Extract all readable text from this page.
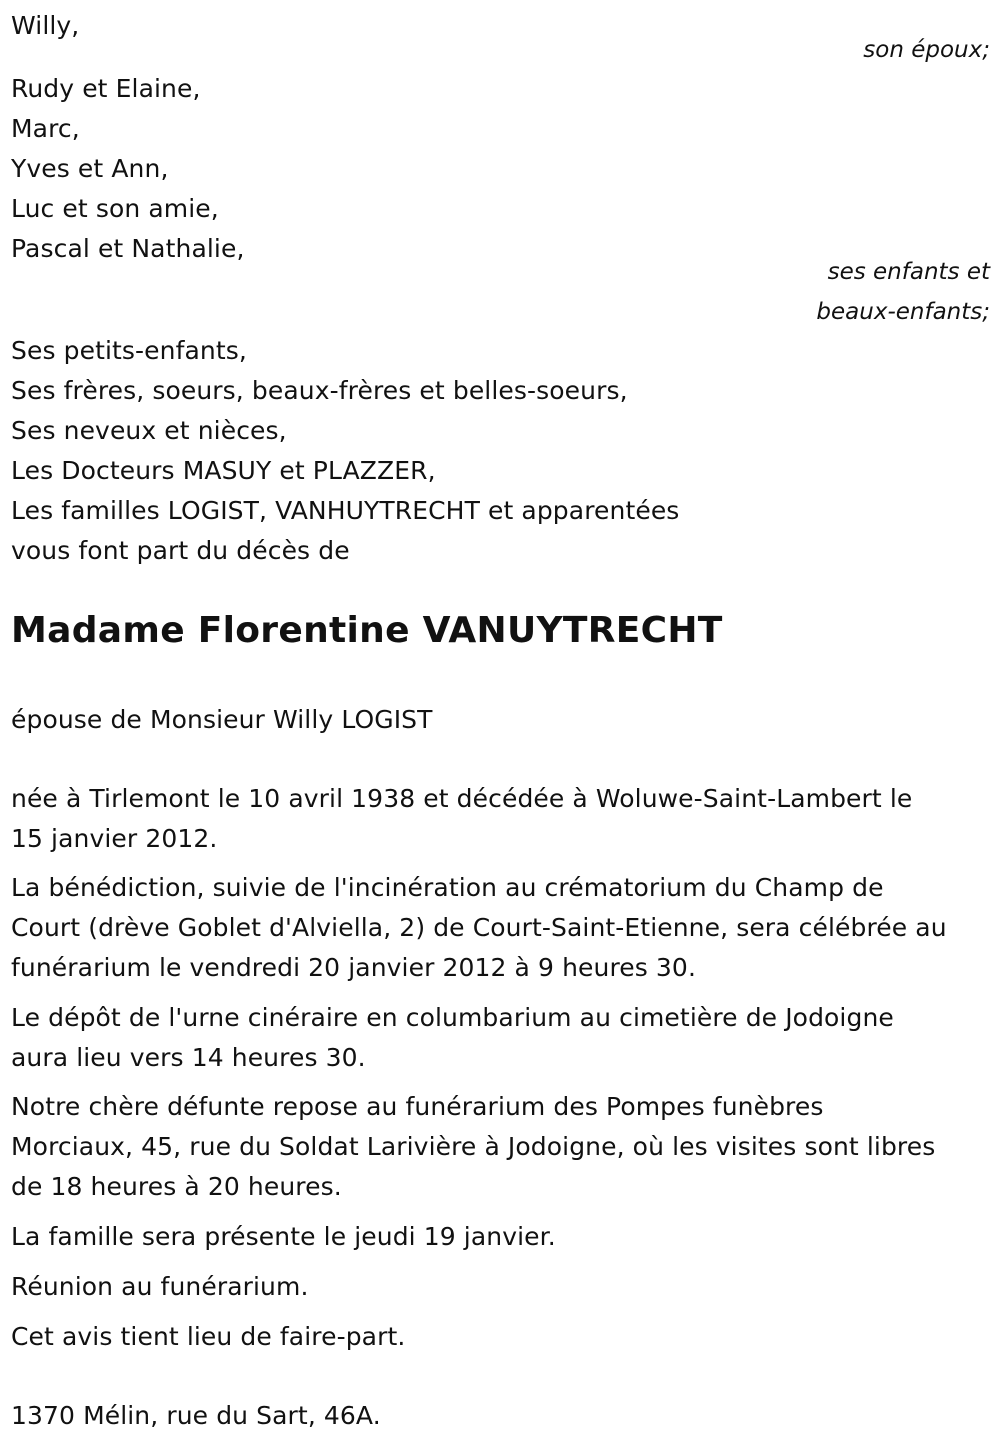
Willy,
son époux;
Rudy et Elaine,
Marc,
Yves et Ann,
Luc et son amie,
Pascal et Nathalie,
ses enfants et
beaux-enfants;
Ses petits-enfants,
Ses frères, soeurs, beaux-frères et belles-soeurs,
Ses neveux et nièces,
Les Docteurs MASUY et PLAZZER,
Les familles LOGIST, VANHUYTRECHT et apparentées
vous font part du décès de
Madame Florentine VANUYTRECHT
épouse de Monsieur Willy LOGIST
née à Tirlemont le 10 avril 1938 et décédée à Woluwe-Saint-Lambert le
15 janvier 2012.
La bénédiction, suivie de l'incinération au crématorium du Champ de
Court (drève Goblet d'Alviella, 2) de Court-Saint-Etienne, sera célébrée au
funérarium le vendredi 20 janvier 2012 à 9 heures 30.
Le dépôt de l'urne cinéraire en columbarium au cimetière de Jodoigne
aura lieu vers 14 heures 30.
Notre chère défunte repose au funérarium des Pompes funèbres
Morciaux, 45, rue du Soldat Larivière à Jodoigne, où les visites sont libres
de 18 heures à 20 heures.
La famille sera présente le jeudi 19 janvier.
Réunion au funérarium.
Cet avis tient lieu de faire-part.
1370 Mélin, rue du Sart, 46A.
